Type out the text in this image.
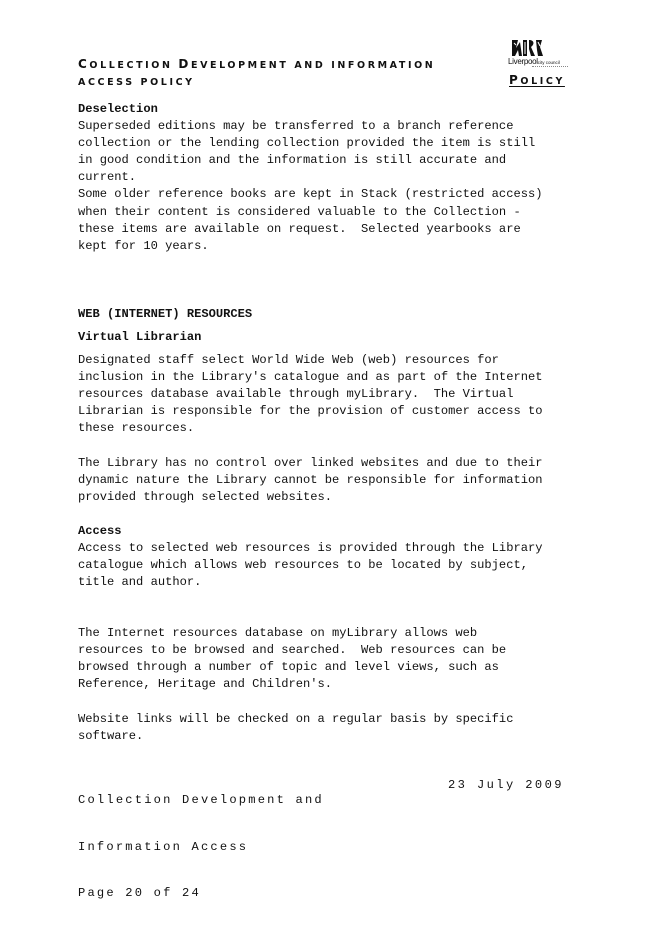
COLLECTION DEVELOPMENT AND INFORMATION
ACCESS POLICY
Liverpoolcity council
POLICY
Deselection
Superseded editions may be transferred to a branch reference
collection or the lending collection provided the item is still
in good condition and the information is still accurate and
current.
Some older reference books are kept in Stack (restricted access)
when their content is considered valuable to the Collection -
these items are available on request.  Selected yearbooks are
kept for 10 years.
WEB (INTERNET) RESOURCES
Virtual Librarian
Designated staff select World Wide Web (web) resources for
inclusion in the Library's catalogue and as part of the Internet
resources database available through myLibrary.  The Virtual
Librarian is responsible for the provision of customer access to
these resources.
The Library has no control over linked websites and due to their
dynamic nature the Library cannot be responsible for information
provided through selected websites.
Access
Access to selected web resources is provided through the Library
catalogue which allows web resources to be located by subject,
title and author.
The Internet resources database on myLibrary allows web
resources to be browsed and searched.  Web resources can be
browsed through a number of topic and level views, such as
Reference, Heritage and Children's.
Website links will be checked on a regular basis by specific
software.

Collection Development and

Information Access

Page 20 of 24

23 July 2009
